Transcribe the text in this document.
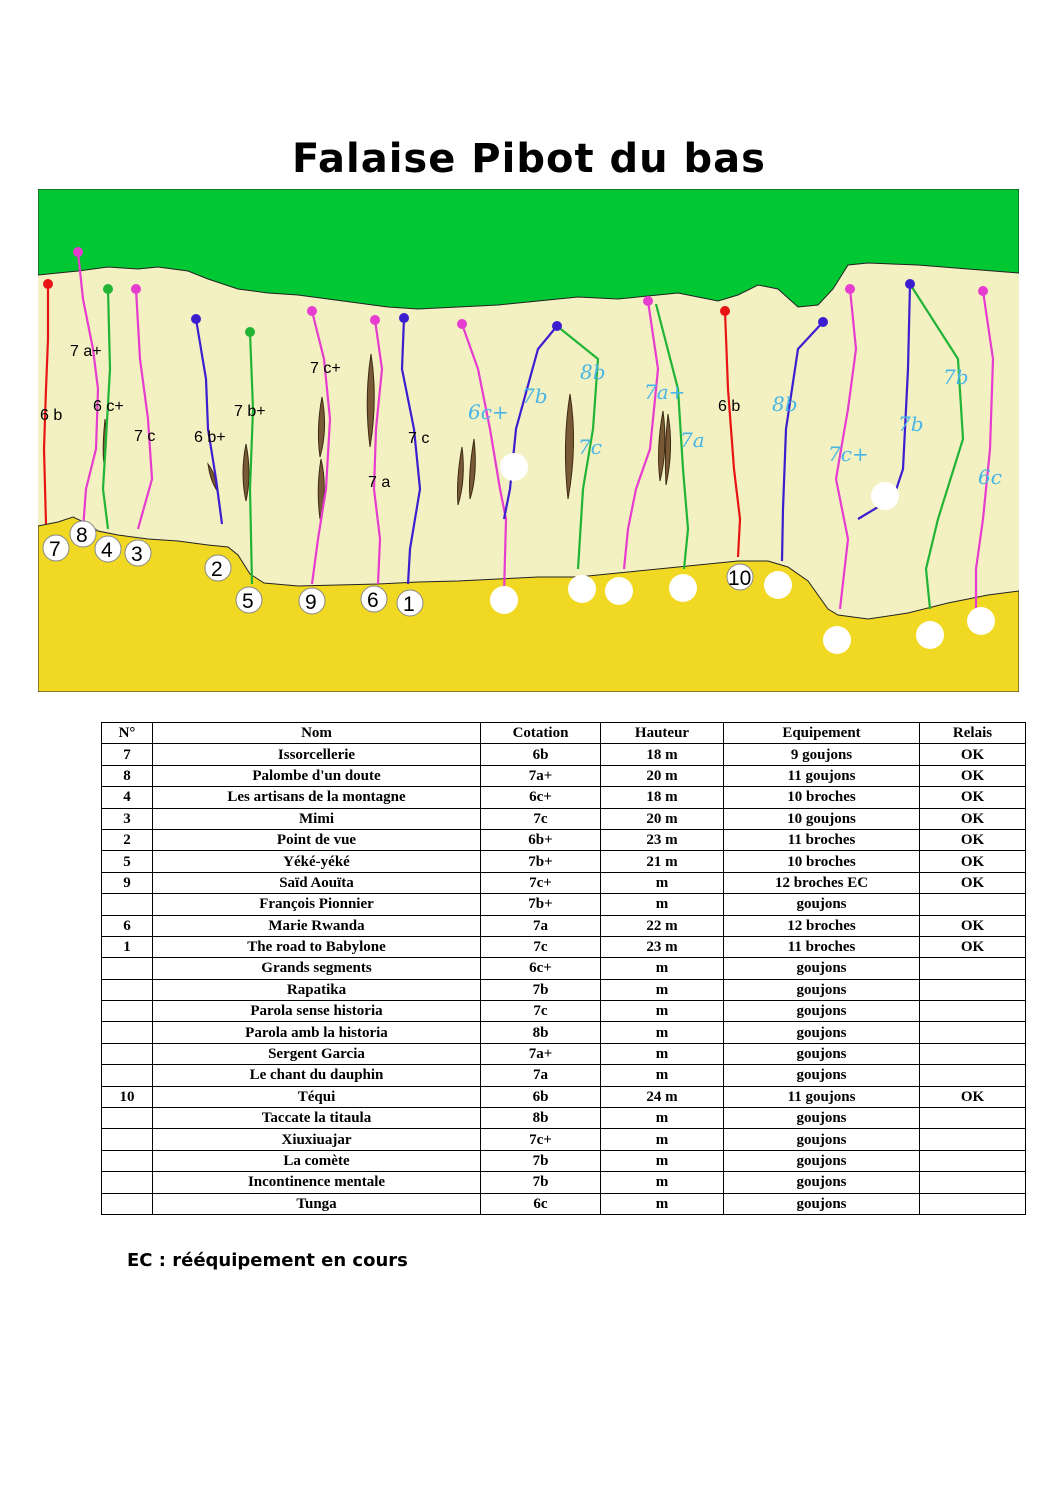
Falaise Pibot du bas
6 b
7 a+
6 c+
7 c 6 b+
7 b+
7 c+
7 a
7 c
6 b
6c+
7b
8b
7c
7a+
7a
8b
7c+
7b
7b
6c
7
8
4 3
2
5 9 6 1
10
N°	Nom	Cotation	Hauteur	Equipement	Relais
7	Issorcellerie	6b	18 m	9 goujons	OK
8	Palombe d'un doute	7a+	20 m	11 goujons	OK
4	Les artisans de la montagne	6c+	18 m	10 broches	OK
3	Mimi	7c	20 m	10 goujons	OK
2	Point de vue	6b+	23 m	11 broches	OK
5	Yéké-yéké	7b+	21 m	10 broches	OK
9	Saïd Aouïta	7c+	m	12 broches EC	OK
	François Pionnier	7b+	m	goujons	
6	Marie Rwanda	7a	22 m	12 broches	OK
1	The road to Babylone	7c	23 m	11 broches	OK
	Grands segments	6c+	m	goujons	
	Rapatika	7b	m	goujons	
	Parola sense historia	7c	m	goujons	
	Parola amb la historia	8b	m	goujons	
	Sergent Garcia	7a+	m	goujons	
	Le chant du dauphin	7a	m	goujons	
10	Téqui	6b	24 m	11 goujons	OK
	Taccate la titaula	8b	m	goujons	
	Xiuxiuajar	7c+	m	goujons	
	La comète	7b	m	goujons	
	Incontinence mentale	7b	m	goujons	
	Tunga	6c	m	goujons	
EC : rééquipement en cours
